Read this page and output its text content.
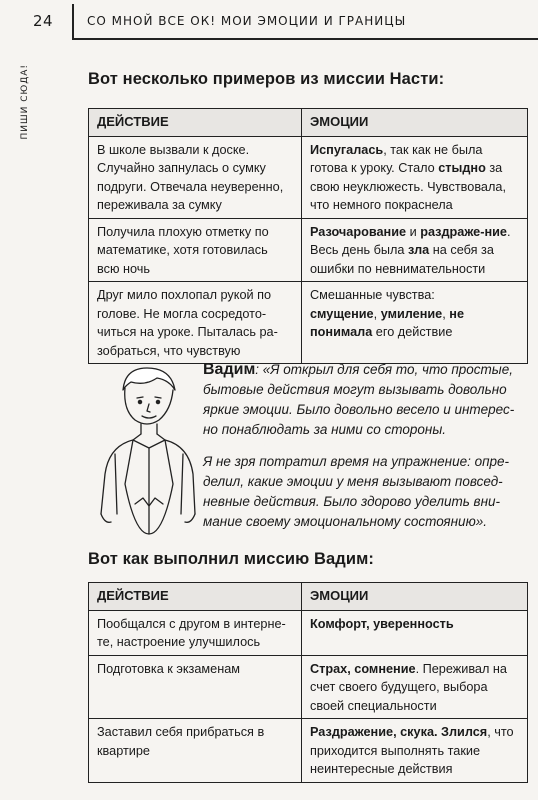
24	СО МНОЙ ВСЕ ОК! МОИ ЭМОЦИИ И ГРАНИЦЫ
ПИШИ СЮДА!	Вот несколько примеров из миссии Насти:
ДЕЙСТВИЕ	ЭМОЦИИ
В школе вызвали к доске. Случайно запнулась о сумку подруги. Отвечала неуверенно, переживала за сумку	Испугалась, так как не была готова к уроку. Стало стыдно за свою неуклюжесть. Чувствовала, что немного покраснела
Получила плохую отметку по математике, хотя готовилась всю ночь	Разочарование и раздраже-ние. Весь день была зла на себя за ошибки по невнимательности
Друг мило похлопал рукой по голове. Не могла сосредото-читься на уроке. Пыталась ра-зобраться, что чувствую	Смешанные чувства:
смущение, умиление, не понимала его действие

Вадим: «Я открыл для себя то, что простые, бытовые действия могут вызывать довольно яркие эмоции. Было довольно весело и интерес-но понаблюдать за ними со стороны.

Я не зря потратил время на упражнение: опре-делил, какие эмоции у меня вызывают повсед-невные действия. Было здорово уделить вни-мание своему эмоциональному состоянию».

Вот как выполнил миссию Вадим:
ДЕЙСТВИЕ	ЭМОЦИИ
Пообщался с другом в интерне-те, настроение улучшилось	Комфорт, уверенность
Подготовка к экзаменам	Страх, сомнение. Переживал на счет своего будущего, выбора своей специальности
Заставил себя прибраться в квартире	Раздражение, скука. Злился, что приходится выполнять такие неинтересные действия
